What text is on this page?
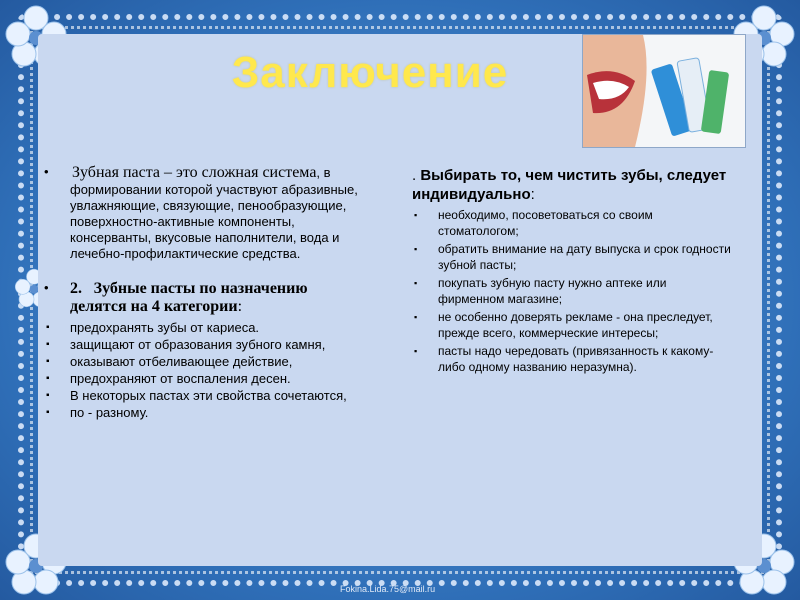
Заключение
•	Зубная паста – это сложная система, в формировании которой участвуют абразивные, увлажняющие, связующие, пенообразующие, поверхностно-активные компоненты, консерванты, вкусовые наполнители, вода и лечебно-профилактические средства.
•	2. Зубные пасты по назначению делятся на 4 категории:
▪ предохранять зубы от кариеса.
▪ защищают от образования зубного камня,
▪ оказывают отбеливающее действие,
▪ предохраняют от воспаления десен.
▪ В некоторых пастах эти свойства сочетаются,
▪ по - разному.
. Выбирать то, чем чистить зубы, следует индивидуально:
▪ необходимо, посоветоваться со своим стоматологом;
▪ обратить внимание на дату выпуска и срок годности зубной пасты;
▪ покупать зубную пасту нужно аптеке или фирменном магазине;
▪ не особенно доверять рекламе - она преследует, прежде всего, коммерческие интересы;
▪ пасты надо чередовать (привязанность к какому-либо одному названию неразумна).
Fokina.Lida.75@mail.ru
